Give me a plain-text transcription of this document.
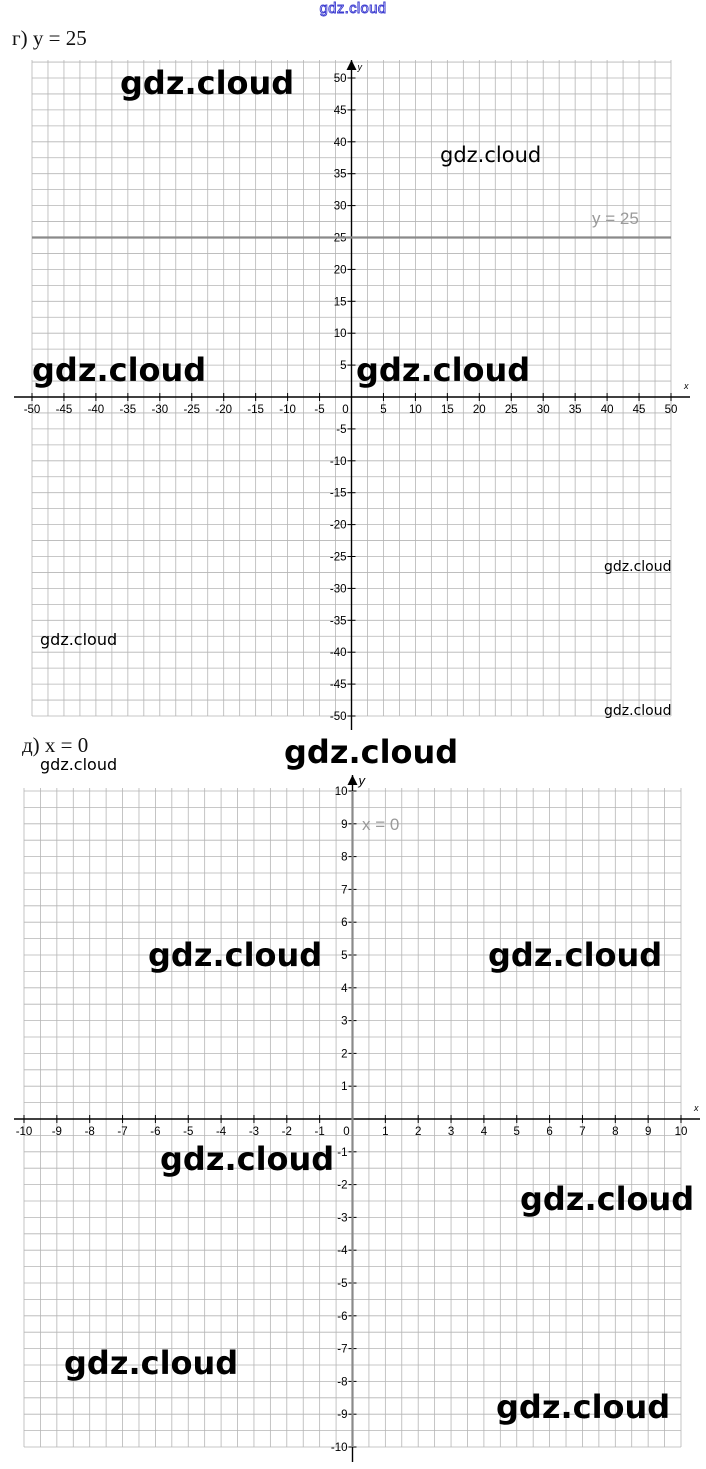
gdz.cloud
г) у = 25
д) х = 0
x
y
-50 -45 -40 -35 -30 -25 -20 -15 -10 -5 0	5 10 15 20 25 30 35 40 45 50
-50
-45
-40
-35
-30
-25
-20
-15
-10
-5
5
10
15
20
25
30
35
40
45
50
y = 25
x
y
-10 -9 -8 -7 -6 -5 -4 -3 -2 -1 0	1 2 3 4 5 6 7 8 9 10
-10
-9
-8
-7
-6
-5
-4
-3
-2
-1
1
2
3
4
5
6
7
8
9
10
x = 0
gdz.cloud
gdz.cloud
gdz.cloud	gdz.cloud
gdz.cloud
gdz.cloud
gdz.cloud
gdz.cloud
gdz.cloud
gdz.cloud	gdz.cloud
gdz.cloud
gdz.cloud
gdz.cloud
gdz.cloud
